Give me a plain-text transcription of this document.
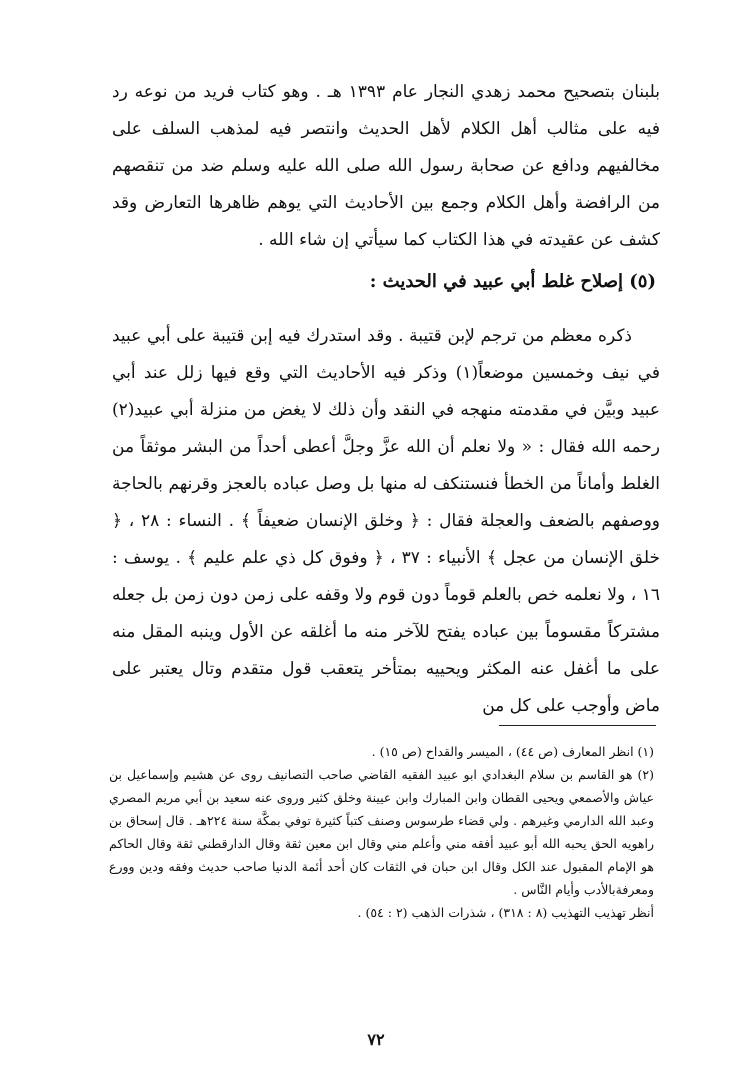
بلبنان بتصحيح محمد زهدي النجار عام ١٣٩٣ هـ . وهو كتاب فريد من نوعه رد فيه على مثالب أهل الكلام لأهل الحديث وانتصر فيه لمذهب السلف على مخالفيهم ودافع عن صحابة رسول الله صلى الله عليه وسلم ضد من تنقصهم من الرافضة وأهل الكلام وجمع بين الأحاديث التي يوهم ظاهرها التعارض وقد كشف عن عقيدته في هذا الكتاب كما سيأتي إن شاء الله .

(٥) إصلاح غلط أبي عبيد في الحديث :

ذكره معظم من ترجم لإبن قتيبة . وقد استدرك فيه إبن قتيبة على أبي عبيد في نيف وخمسين موضعاً(١) وذكر فيه الأحاديث التي وقع فيها زلل عند أبي عبيد وبيَّن في مقدمته منهجه في النقد وأن ذلك لا يغض من منزلة أبي عبيد(٢) رحمه الله فقال : « ولا نعلم أن الله عزَّ وجلَّ أعطى أحداً من البشر موثقاً من الغلط وأماناً من الخطأ فنستنكف له منها بل وصل عباده بالعجز وقرنهم بالحاجة ووصفهم بالضعف والعجلة فقال : ﴿ وخلق الإنسان ضعيفاً ﴾ . النساء : ٢٨ ، ﴿ خلق الإنسان من عجل ﴾ الأنبياء : ٣٧ ، ﴿ وفوق كل ذي علم عليم ﴾ . يوسف : ١٦ ، ولا نعلمه خص بالعلم قوماً دون قوم ولا وقفه على زمن دون زمن بل جعله مشتركاً مقسوماً بين عباده يفتح للآخر منه ما أغلقه عن الأول وينبه المقل منه على ما أغفل عنه المكثر ويحييه بمتأخر يتعقب قول متقدم وتال يعتبر على ماض وأوجب على كل من

(١) انظر المعارف (ص ٤٤) ، الميسر والقداح (ص ١٥) .

(٢) هو القاسم بن سلام البغدادي ابو عبيد الفقيه القاضي صاحب التصانيف روى عن هشيم وإسماعيل بن عياش والأصمعي ويحيى القطان وابن المبارك وابن عيينة وخلق كثير وروى عنه سعيد بن أبي مريم المصري وعبد الله الدارمي وغيرهم . ولي قضاء طرسوس وصنف كتباً كثيرة توفي بمكَّة سنة ٢٢٤هـ . قال إسحاق بن راهويه الحق يحبه الله أبو عبيد أفقه مني وأعلم مني وقال ابن معين ثقة وقال الدارقطني ثقة وقال الحاكم هو الإمام المقبول عند الكل وقال ابن حبان في الثقات كان أحد أئمة الدنيا صاحب حديث وفقه ودين وورع ومعرفةبالأدب وأيام النَّاس .

أنظر تهذيب التهذيب (٨ : ٣١٨) ، شذرات الذهب (٢ : ٥٤) .

٧٢
